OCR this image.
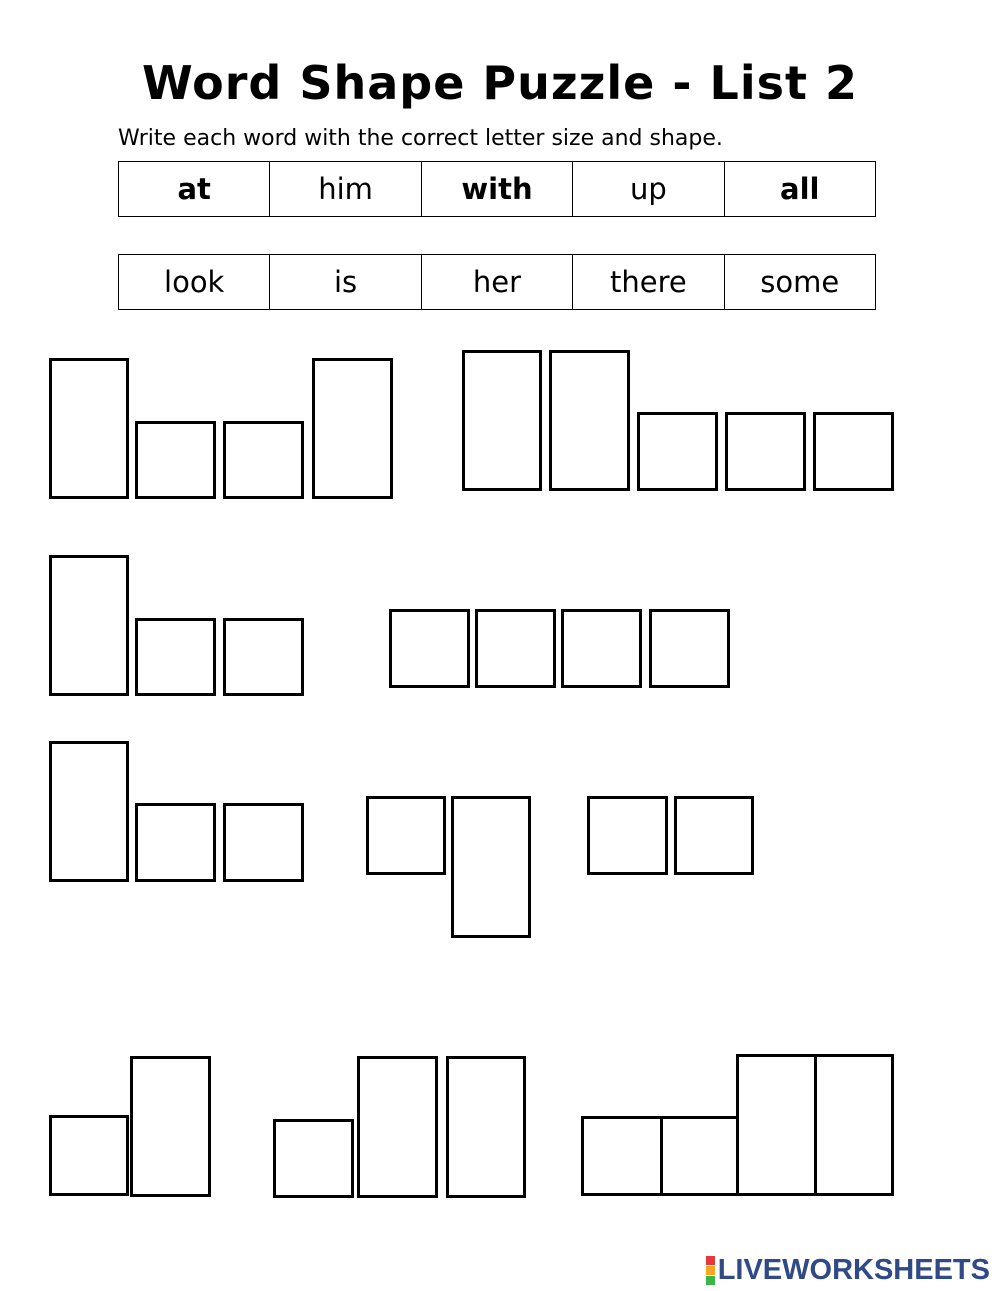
Word Shape Puzzle - List 2

Write each word with the correct letter size and shape.

at	him	with	up	all
look	is	her	there	some
LIVEWORKSHEETS
